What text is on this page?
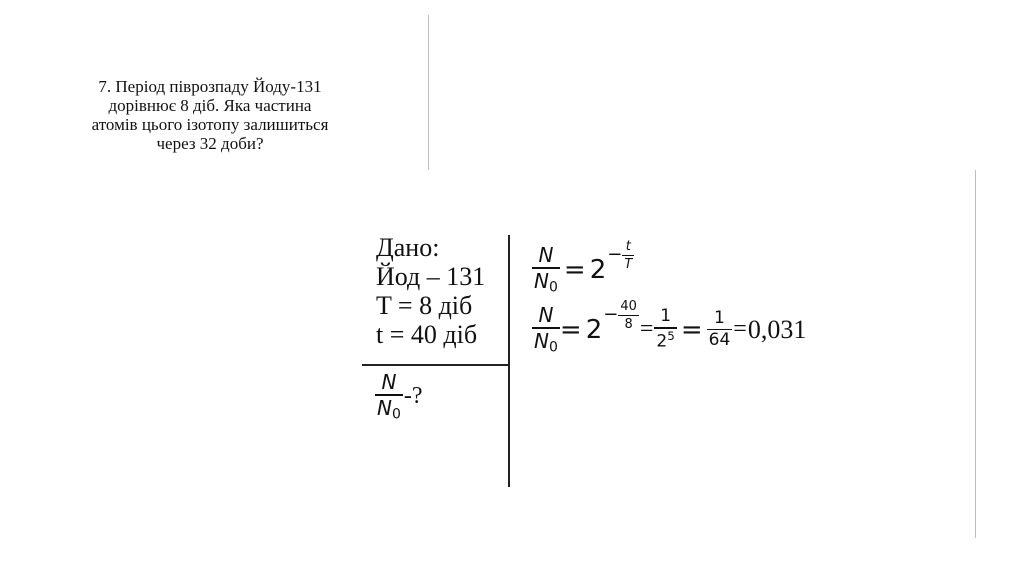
7. Період піврозпаду Йоду-131
дорівнює 8 діб. Яка частина
атомів цього ізотопу залишиться
через 32 доби?
Дано:
Йод – 131
T = 8 діб
t = 40 діб
$\frac{N}{N_0}$ -?
$\frac{N}{N_0} = 2 - \frac{t}{T}$
$\frac{N}{N_0} = 2 - \frac{40}{8} = \frac{1}{2^5} = \frac{1}{64} = 0,031$
